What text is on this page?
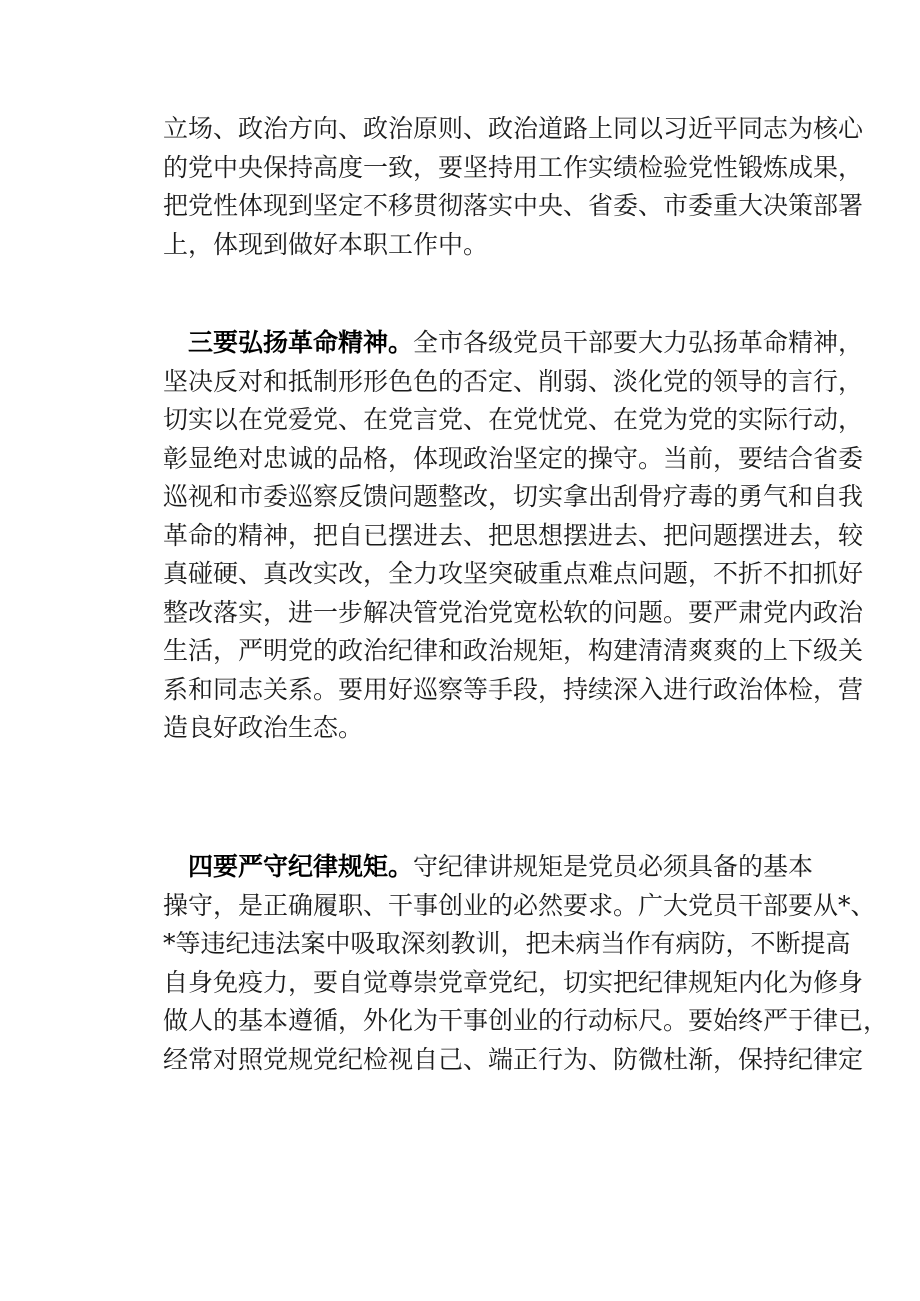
立场、政治方向、政治原则、政治道路上同以习近平同志为核心
的党中央保持高度一致，要坚持用工作实绩检验党性锻炼成果，
把党性体现到坚定不移贯彻落实中央、省委、市委重大决策部署
上，体现到做好本职工作中。
三要弘扬革命精神。全市各级党员干部要大力弘扬革命精神，
坚决反对和抵制形形色色的否定、削弱、淡化党的领导的言行，
切实以在党爱党、在党言党、在党忧党、在党为党的实际行动，
彰显绝对忠诚的品格，体现政治坚定的操守。当前，要结合省委
巡视和市委巡察反馈问题整改，切实拿出刮骨疗毒的勇气和自我
革命的精神，把自已摆进去、把思想摆进去、把问题摆进去，较
真碰硬、真改实改，全力攻坚突破重点难点问题，不折不扣抓好
整改落实，进一步解决管党治党宽松软的问题。要严肃党内政治
生活，严明党的政治纪律和政治规矩，构建清清爽爽的上下级关
系和同志关系。要用好巡察等手段，持续深入进行政治体检，营
造良好政治生态。
四要严守纪律规矩。守纪律讲规矩是党员必须具备的基本
操守，是正确履职、干事创业的必然要求。广大党员干部要从*、
*等违纪违法案中吸取深刻教训，把未病当作有病防，不断提高
自身免疫力，要自觉尊崇党章党纪，切实把纪律规矩内化为修身
做人的基本遵循，外化为干事创业的行动标尺。要始终严于律已，
经常对照党规党纪检视自己、端正行为、防微杜渐，保持纪律定
